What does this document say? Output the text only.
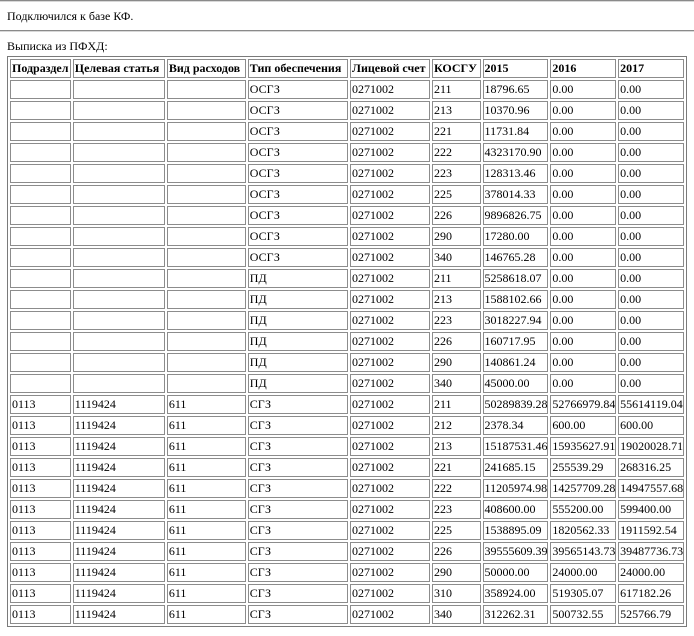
Подключился к базе КФ.
Выписка из ПФХД:
Подраздел	Целевая статья	Вид расходов	Тип обеспечения	Лицевой счет	КОСГУ	2015	2016	2017
			ОСГЗ	0271002	211	18796.65	0.00	0.00
			ОСГЗ	0271002	213	10370.96	0.00	0.00
			ОСГЗ	0271002	221	11731.84	0.00	0.00
			ОСГЗ	0271002	222	4323170.90	0.00	0.00
			ОСГЗ	0271002	223	128313.46	0.00	0.00
			ОСГЗ	0271002	225	378014.33	0.00	0.00
			ОСГЗ	0271002	226	9896826.75	0.00	0.00
			ОСГЗ	0271002	290	17280.00	0.00	0.00
			ОСГЗ	0271002	340	146765.28	0.00	0.00
			ПД	0271002	211	5258618.07	0.00	0.00
			ПД	0271002	213	1588102.66	0.00	0.00
			ПД	0271002	223	3018227.94	0.00	0.00
			ПД	0271002	226	160717.95	0.00	0.00
			ПД	0271002	290	140861.24	0.00	0.00
			ПД	0271002	340	45000.00	0.00	0.00
0113	1119424	611	СГЗ	0271002	211	50289839.28	52766979.84	55614119.04
0113	1119424	611	СГЗ	0271002	212	2378.34	600.00	600.00
0113	1119424	611	СГЗ	0271002	213	15187531.46	15935627.91	19020028.71
0113	1119424	611	СГЗ	0271002	221	241685.15	255539.29	268316.25
0113	1119424	611	СГЗ	0271002	222	11205974.98	14257709.28	14947557.68
0113	1119424	611	СГЗ	0271002	223	408600.00	555200.00	599400.00
0113	1119424	611	СГЗ	0271002	225	1538895.09	1820562.33	1911592.54
0113	1119424	611	СГЗ	0271002	226	39555609.39	39565143.73	39487736.73
0113	1119424	611	СГЗ	0271002	290	50000.00	24000.00	24000.00
0113	1119424	611	СГЗ	0271002	310	358924.00	519305.07	617182.26
0113	1119424	611	СГЗ	0271002	340	312262.31	500732.55	525766.79
